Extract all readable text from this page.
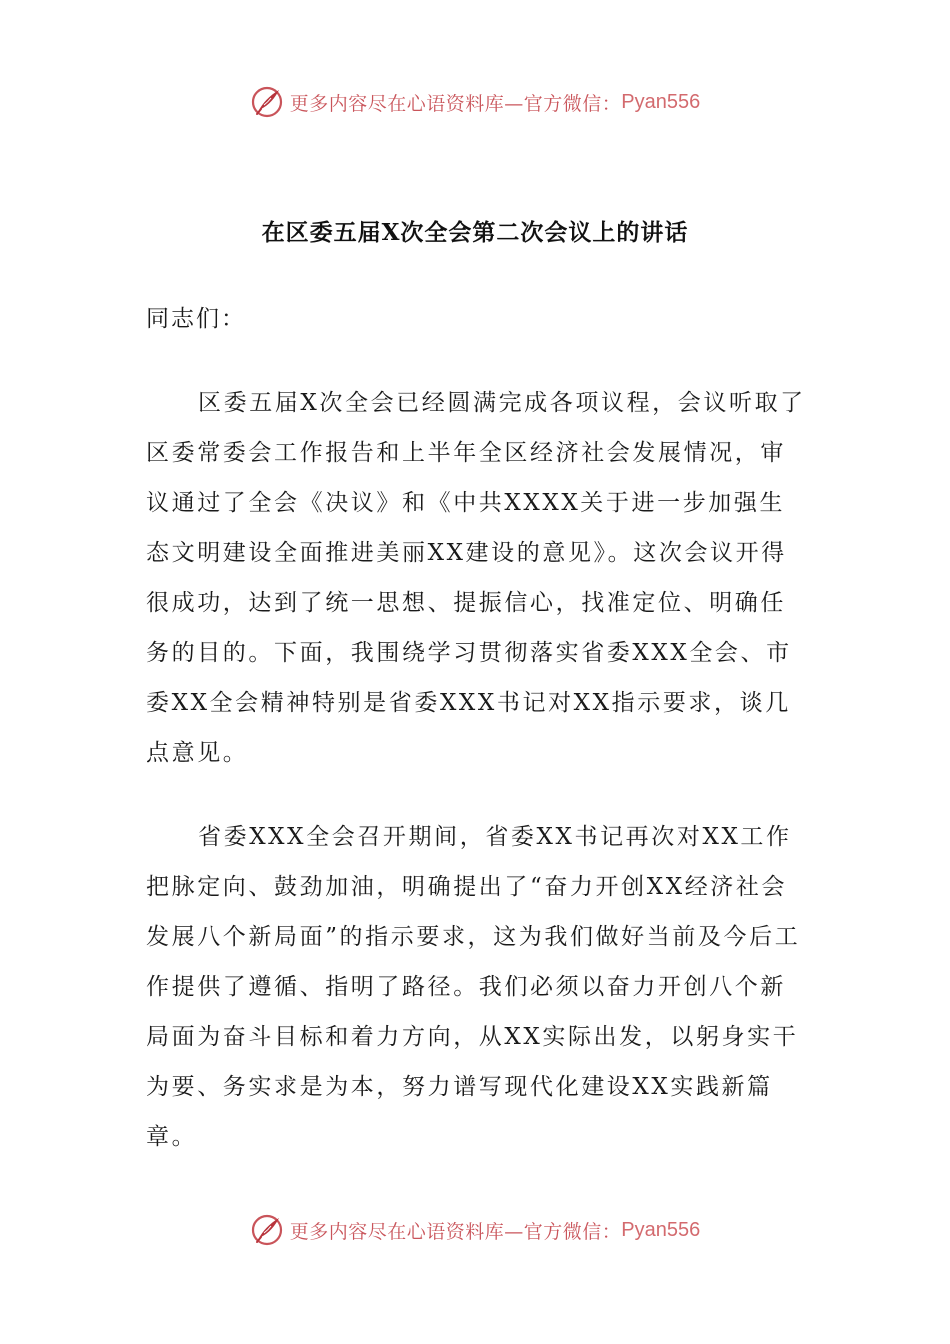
更多内容尽在心语资料库—官方微信： Pyan556
在区委五届X次全会第二次会议上的讲话

同志们：

区委五届X次全会已经圆满完成各项议程，会议听取了区委常委会工作报告和上半年全区经济社会发展情况，审议通过了全会《决议》和《中共XXXX关于进一步加强生态文明建设全面推进美丽XX建设的意见》。这次会议开得很成功，达到了统一思想、提振信心，找准定位、明确任务的目的。下面，我围绕学习贯彻落实省委XXX全会、市委XX全会精神特别是省委XXX书记对XX指示要求，谈几点意见。

省委XXX全会召开期间，省委XX书记再次对XX工作把脉定向、鼓劲加油，明确提出了“奋力开创XX经济社会发展八个新局面”的指示要求，这为我们做好当前及今后工作提供了遵循、指明了路径。我们必须以奋力开创八个新局面为奋斗目标和着力方向，从XX实际出发，以躬身实干为要、务实求是为本，努力谱写现代化建设XX实践新篇章。

更多内容尽在心语资料库—官方微信： Pyan556
